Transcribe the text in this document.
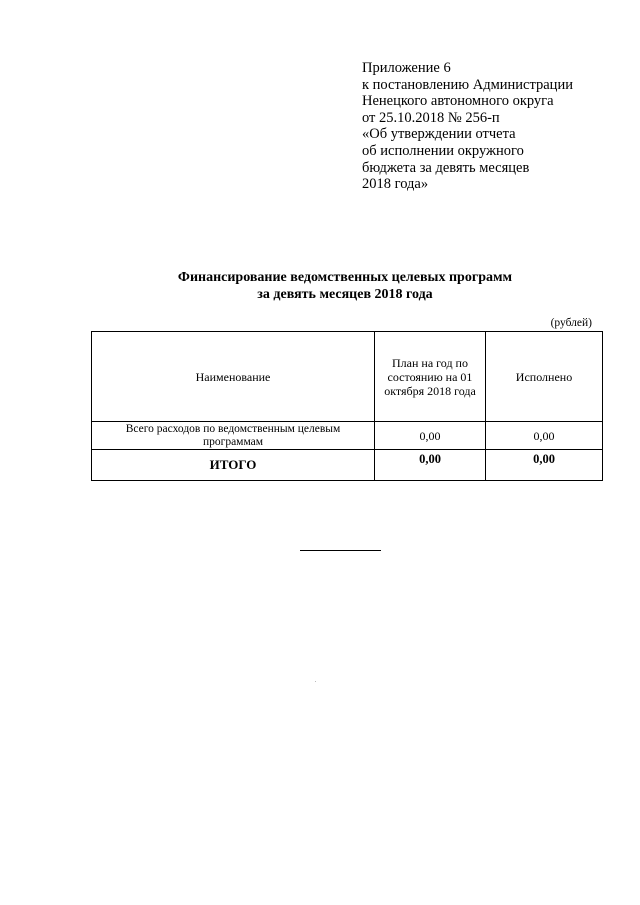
Приложение 6
к постановлению Администрации
Ненецкого автономного округа
от 25.10.2018 № 256-п
«Об утверждении отчета
об исполнении окружного
бюджета за девять месяцев
2018 года»
Финансирование ведомственных целевых программ
за девять месяцев 2018 года
(рублей)
Наименование	План на год по состоянию на 01 октября 2018 года	Исполнено
Всего расходов по ведомственным целевым программам	0,00	0,00
ИТОГО	0,00	0,00
